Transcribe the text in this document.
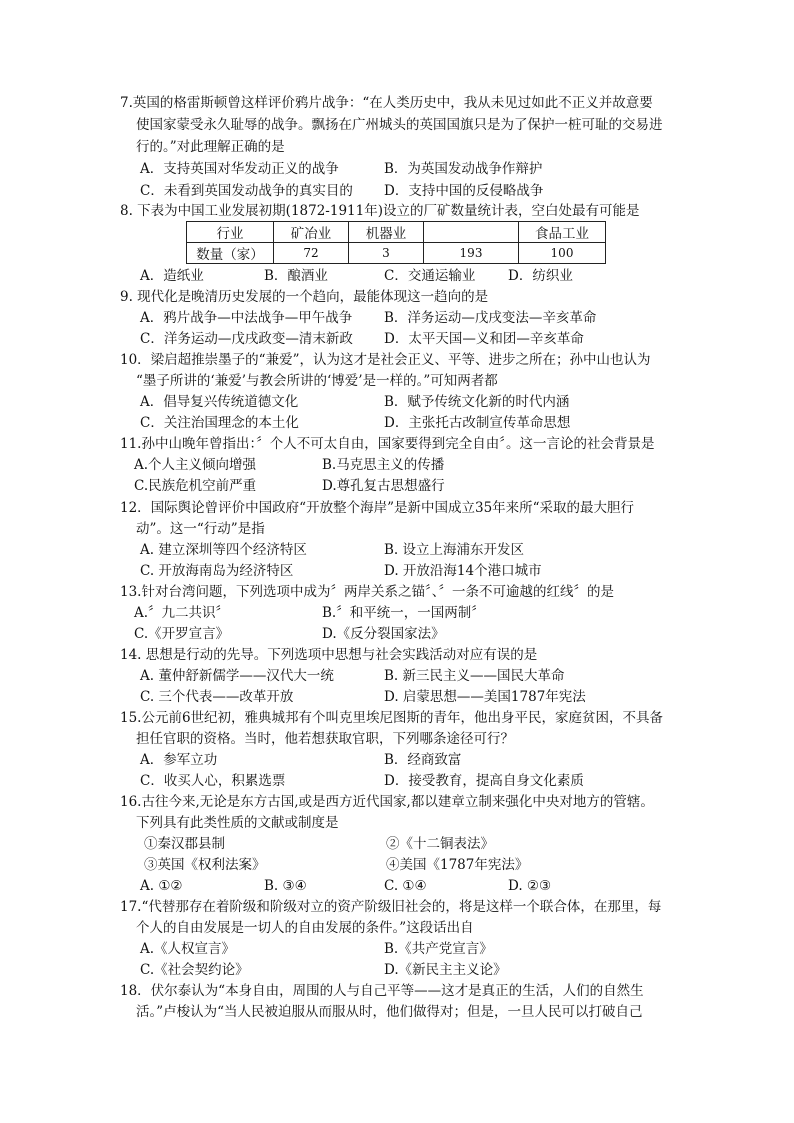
7.英国的格雷斯顿曾这样评价鸦片战争：“在人类历史中，我从未见过如此不正义并故意要
使国家蒙受永久耻辱的战争。飘扬在广州城头的英国国旗只是为了保护一桩可耻的交易进
行的。”对此理解正确的是
A．支持英国对华发动正义的战争	B．为英国发动战争作辩护
C．未看到英国发动战争的真实目的 D．支持中国的反侵略战争
8. 下表为中国工业发展初期(1872-1911年)设立的厂矿数量统计表，空白处最有可能是
行业	矿冶业	机器业		食品工业
数量（家）	72	3	193	100
A．造纸业	B．酿酒业	C．交通运输业 D．纺织业
9. 现代化是晚清历史发展的一个趋向，最能体现这一趋向的是
A．鸦片战争—中法战争—甲午战争 B．洋务运动—戊戌变法—辛亥革命
C．洋务运动—戊戌政变—清末新政 D．太平天国—义和团—辛亥革命
10．梁启超推崇墨子的“兼爱”，认为这才是社会正义、平等、进步之所在；孙中山也认为
“墨子所讲的‘兼爱’与教会所讲的‘博爱’是一样的。”可知两者都
A．倡导复兴传统道德文化	B．赋予传统文化新的时代内涵
C．关注治国理念的本土化	D．主张托古改制宣传革命思想
11.孙中山晚年曾指出：〞个人不可太自由，国家要得到完全自由〞。这一言论的社会背景是
A.个人主义倾向增强	B.马克思主义的传播
C.民族危机空前严重	D.尊孔复古思想盛行
12．国际舆论曾评价中国政府“开放整个海岸”是新中国成立35年来所“采取的最大胆行
动”。这一“行动”是指
A. 建立深圳等四个经济特区	B. 设立上海浦东开发区
C. 开放海南岛为经济特区	D. 开放沿海14个港口城市
13.针对台湾问题，下列选项中成为〞两岸关系之锚〞、〞一条不可逾越的红线〞的是
A.〞九二共识〞	B.〞和平统一，一国两制〞
C.《开罗宣言》	D.《反分裂国家法》
14. 思想是行动的先导。下列选项中思想与社会实践活动对应有误的是
A. 董仲舒新儒学——汉代大一统	B. 新三民主义——国民大革命
C. 三个代表——改革开放	D. 启蒙思想——美国1787年宪法
15.公元前6世纪初，雅典城邦有个叫克里埃尼图斯的青年，他出身平民，家庭贫困，不具备
担任官职的资格。当时，他若想获取官职，下列哪条途径可行？
A．参军立功	B．经商致富
C．收买人心，积累选票	D．接受教育，提高自身文化素质
16.古往今来,无论是东方古国,或是西方近代国家,都以建章立制来强化中央对地方的管辖。
下列具有此类性质的文献或制度是
①秦汉郡县制	②《十二铜表法》
③英国《权利法案》	④美国《1787年宪法》
A. ①②	B. ③④	C. ①④	D. ②③
17.“代替那存在着阶级和阶级对立的资产阶级旧社会的，将是这样一个联合体，在那里，每
个人的自由发展是一切人的自由发展的条件。”这段话出自
A.《人权宣言》	B.《共产党宣言》
C.《社会契约论》	D.《新民主主义论》
18．伏尔泰认为“本身自由，周围的人与自己平等——这才是真正的生活，人们的自然生
活。”卢梭认为“当人民被迫服从而服从时，他们做得对；但是，一旦人民可以打破自己
